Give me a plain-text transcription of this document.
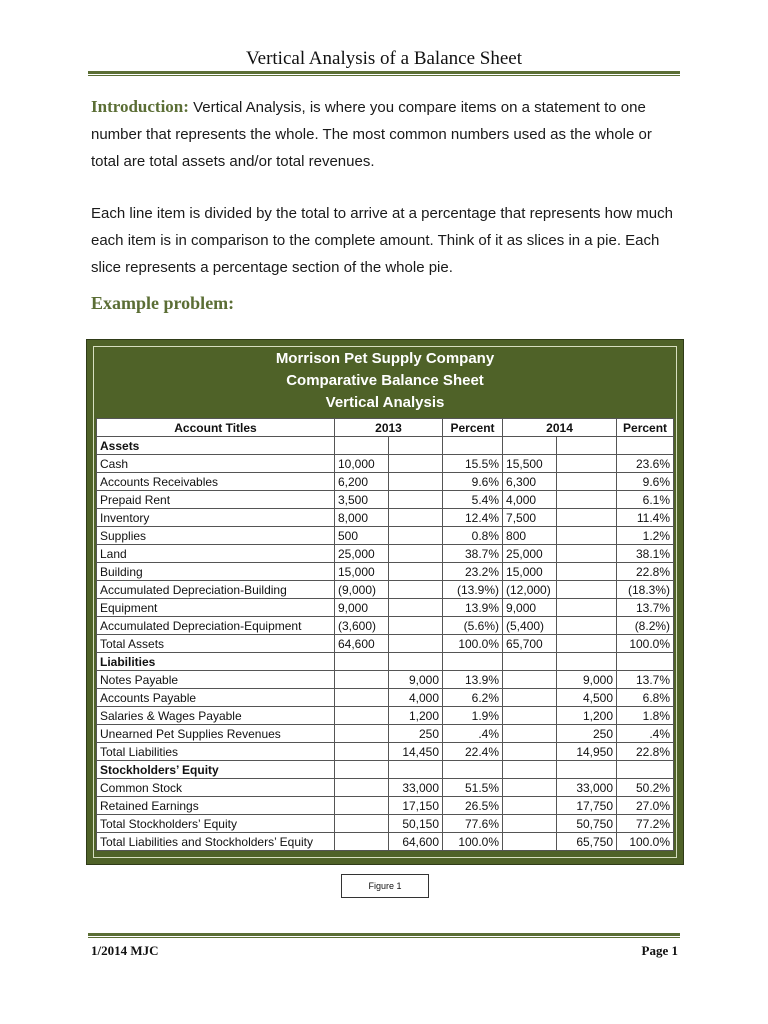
Vertical Analysis of a Balance Sheet
Introduction: Vertical Analysis, is where you compare items on a statement to one number that represents the whole. The most common numbers used as the whole or total are total assets and/or total revenues.
Each line item is divided by the total to arrive at a percentage that represents how much each item is in comparison to the complete amount. Think of it as slices in a pie. Each slice represents a percentage section of the whole pie.
Example problem:
Morrison Pet Supply Company
Comparative Balance Sheet
Vertical Analysis
Account Titles	2013		Percent	2014		Percent
Assets						
Cash	10,000		15.5%	15,500		23.6%
Accounts Receivables	6,200		9.6%	6,300		9.6%
Prepaid Rent	3,500		5.4%	4,000		6.1%
Inventory	8,000		12.4%	7,500		11.4%
Supplies	500		0.8%	800		1.2%
Land	25,000		38.7%	25,000		38.1%
Building	15,000		23.2%	15,000		22.8%
Accumulated Depreciation-Building	(9,000)		(13.9%)	(12,000)		(18.3%)
Equipment	9,000		13.9%	9,000		13.7%
Accumulated Depreciation-Equipment	(3,600)		(5.6%)	(5,400)		(8.2%)
Total Assets	64,600		100.0%	65,700		100.0%
Liabilities						
Notes Payable		9,000	13.9%		9,000	13.7%
Accounts Payable		4,000	6.2%		4,500	6.8%
Salaries & Wages Payable		1,200	1.9%		1,200	1.8%
Unearned Pet Supplies Revenues		250	.4%		250	.4%
Total Liabilities		14,450	22.4%		14,950	22.8%
Stockholders’ Equity						
Common Stock		33,000	51.5%		33,000	50.2%
Retained Earnings		17,150	26.5%		17,750	27.0%
Total Stockholders’ Equity		50,150	77.6%		50,750	77.2%
Total Liabilities and Stockholders’ Equity		64,600	100.0%		65,750	100.0%
Figure 1
1/2014 MJC	Page 1
